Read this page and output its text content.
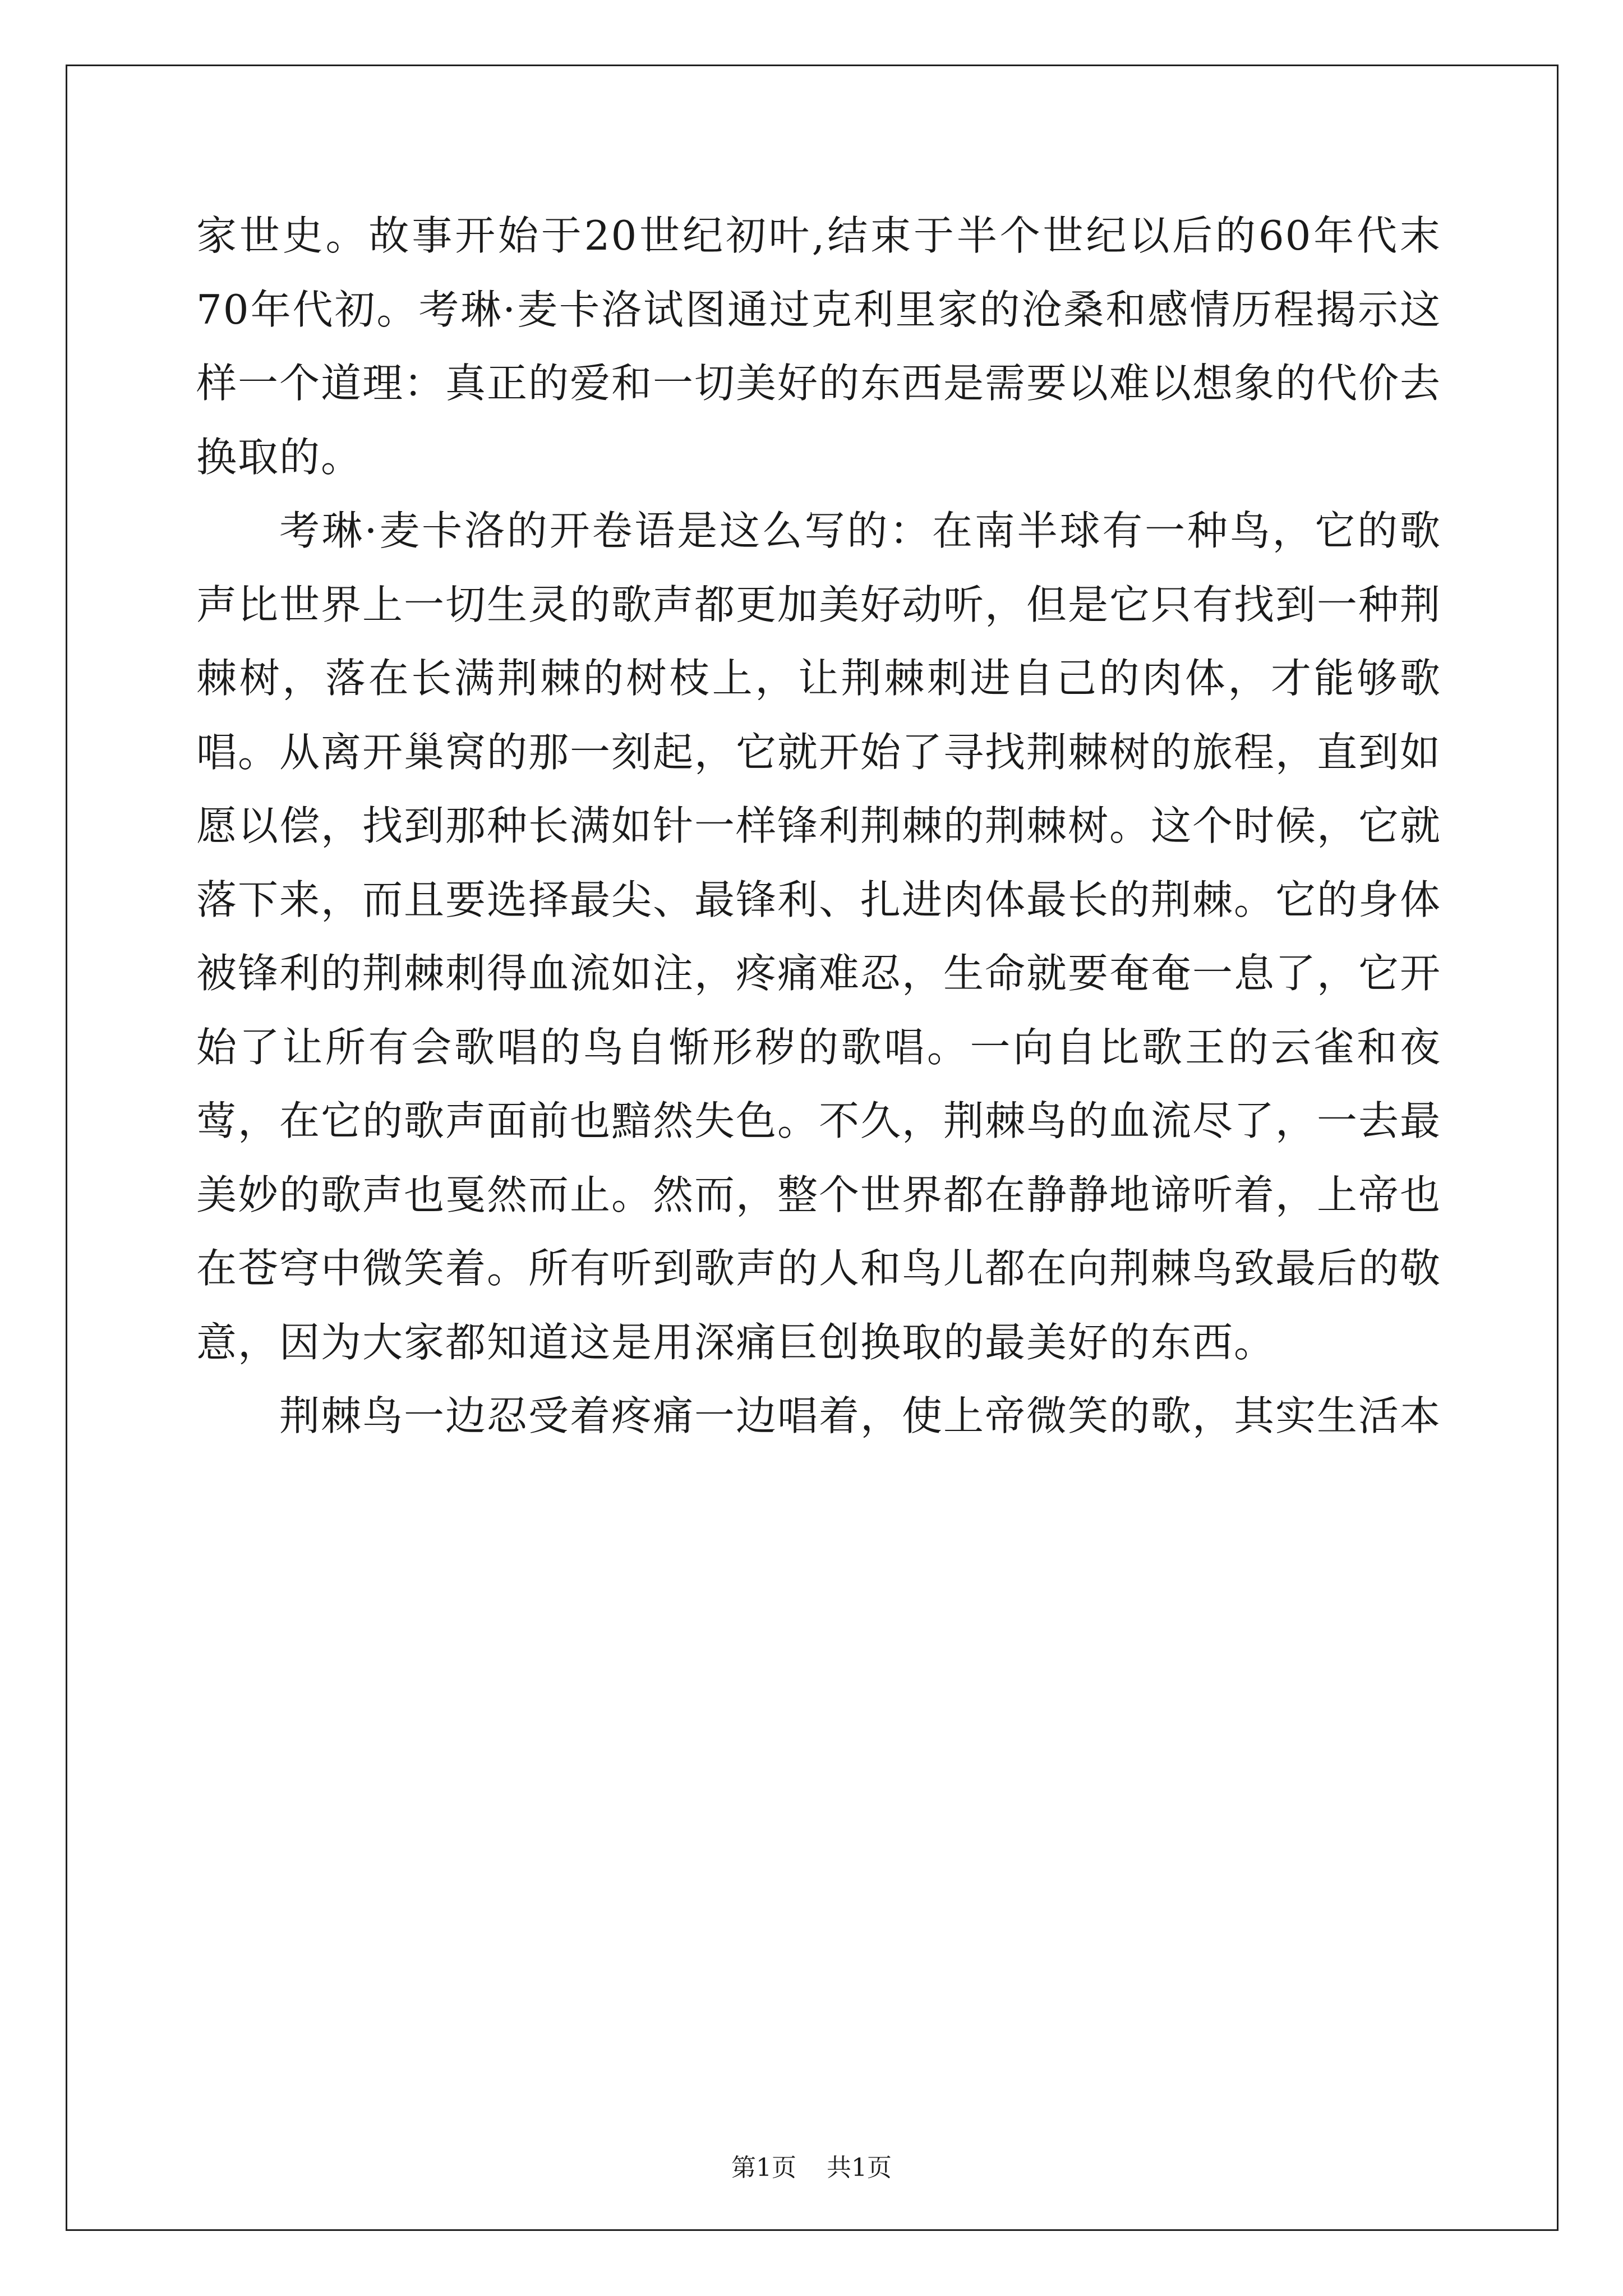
家世史。故事开始于20世纪初叶,结束于半个世纪以后的60年代末70年代初。考琳·麦卡洛试图通过克利里家的沧桑和感情历程揭示这样一个道理：真正的爱和一切美好的东西是需要以难以想象的代价去换取的。

考琳·麦卡洛的开卷语是这么写的：在南半球有一种鸟，它的歌声比世界上一切生灵的歌声都更加美好动听，但是它只有找到一种荆棘树，落在长满荆棘的树枝上，让荆棘刺进自己的肉体，才能够歌唱。从离开巢窝的那一刻起，它就开始了寻找荆棘树的旅程，直到如愿以偿，找到那种长满如针一样锋利荆棘的荆棘树。这个时候，它就落下来，而且要选择最尖、最锋利、扎进肉体最长的荆棘。它的身体被锋利的荆棘刺得血流如注，疼痛难忍，生命就要奄奄一息了，它开始了让所有会歌唱的鸟自惭形秽的歌唱。一向自比歌王的云雀和夜莺，在它的歌声面前也黯然失色。不久，荆棘鸟的血流尽了，一去最美妙的歌声也戛然而止。然而，整个世界都在静静地谛听着，上帝也在苍穹中微笑着。所有听到歌声的人和鸟儿都在向荆棘鸟致最后的敬意，因为大家都知道这是用深痛巨创换取的最美好的东西。

荆棘鸟一边忍受着疼痛一边唱着，使上帝微笑的歌，其实生活本

第1页 共1页
